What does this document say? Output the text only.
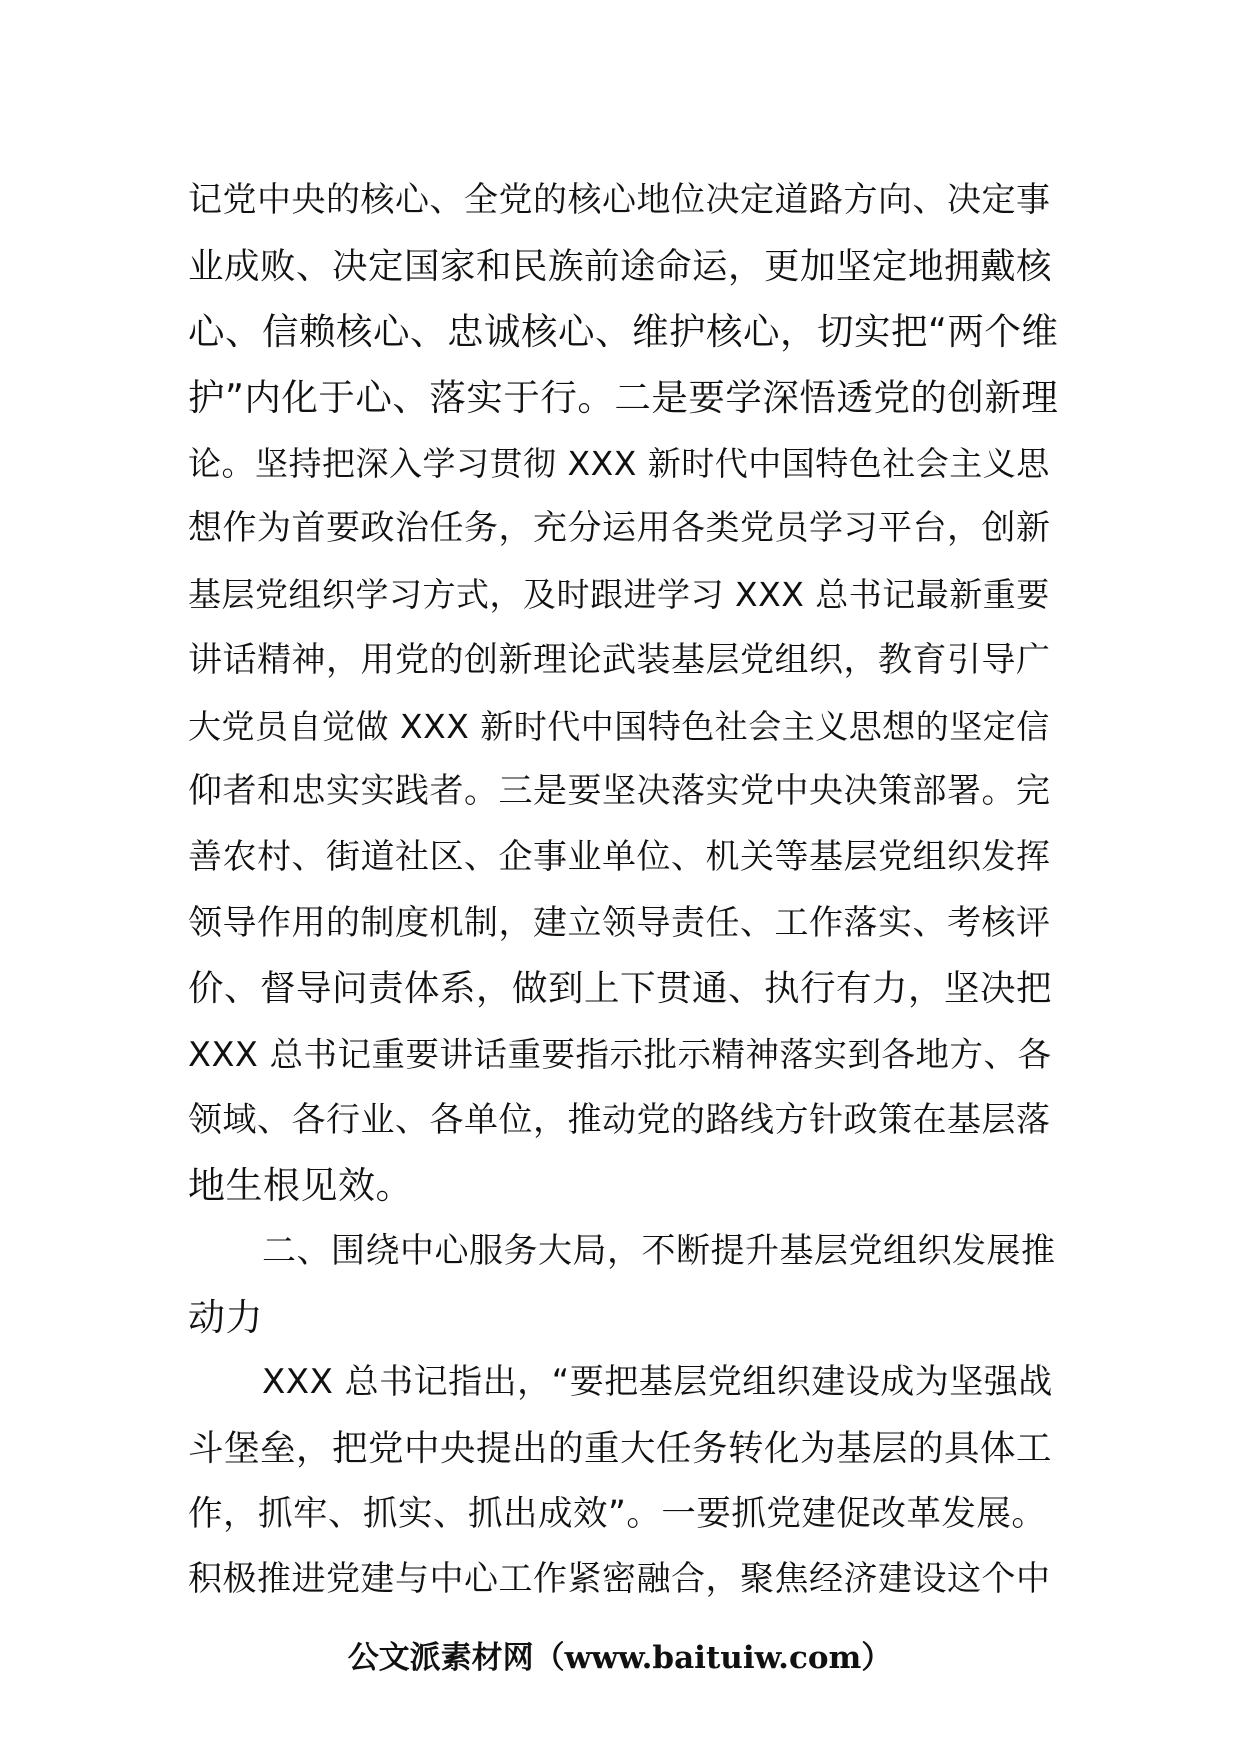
记党中央的核心、全党的核心地位决定道路方向、决定事
业成败、决定国家和民族前途命运，更加坚定地拥戴核
心、信赖核心、忠诚核心、维护核心，切实把“两个维
护”内化于心、落实于行。二是要学深悟透党的创新理
论。坚持把深入学习贯彻 XXX 新时代中国特色社会主义思
想作为首要政治任务，充分运用各类党员学习平台，创新
基层党组织学习方式，及时跟进学习 XXX 总书记最新重要
讲话精神，用党的创新理论武装基层党组织，教育引导广
大党员自觉做 XXX 新时代中国特色社会主义思想的坚定信
仰者和忠实实践者。三是要坚决落实党中央决策部署。完
善农村、街道社区、企事业单位、机关等基层党组织发挥
领导作用的制度机制，建立领导责任、工作落实、考核评
价、督导问责体系，做到上下贯通、执行有力，坚决把
XXX 总书记重要讲话重要指示批示精神落实到各地方、各
领域、各行业、各单位，推动党的路线方针政策在基层落
地生根见效。
二、围绕中心服务大局，不断提升基层党组织发展推
动力
XXX 总书记指出，“要把基层党组织建设成为坚强战
斗堡垒，把党中央提出的重大任务转化为基层的具体工
作，抓牢、抓实、抓出成效”。一要抓党建促改革发展。
积极推进党建与中心工作紧密融合，聚焦经济建设这个中
公文派素材网（www.baituiw.com）
